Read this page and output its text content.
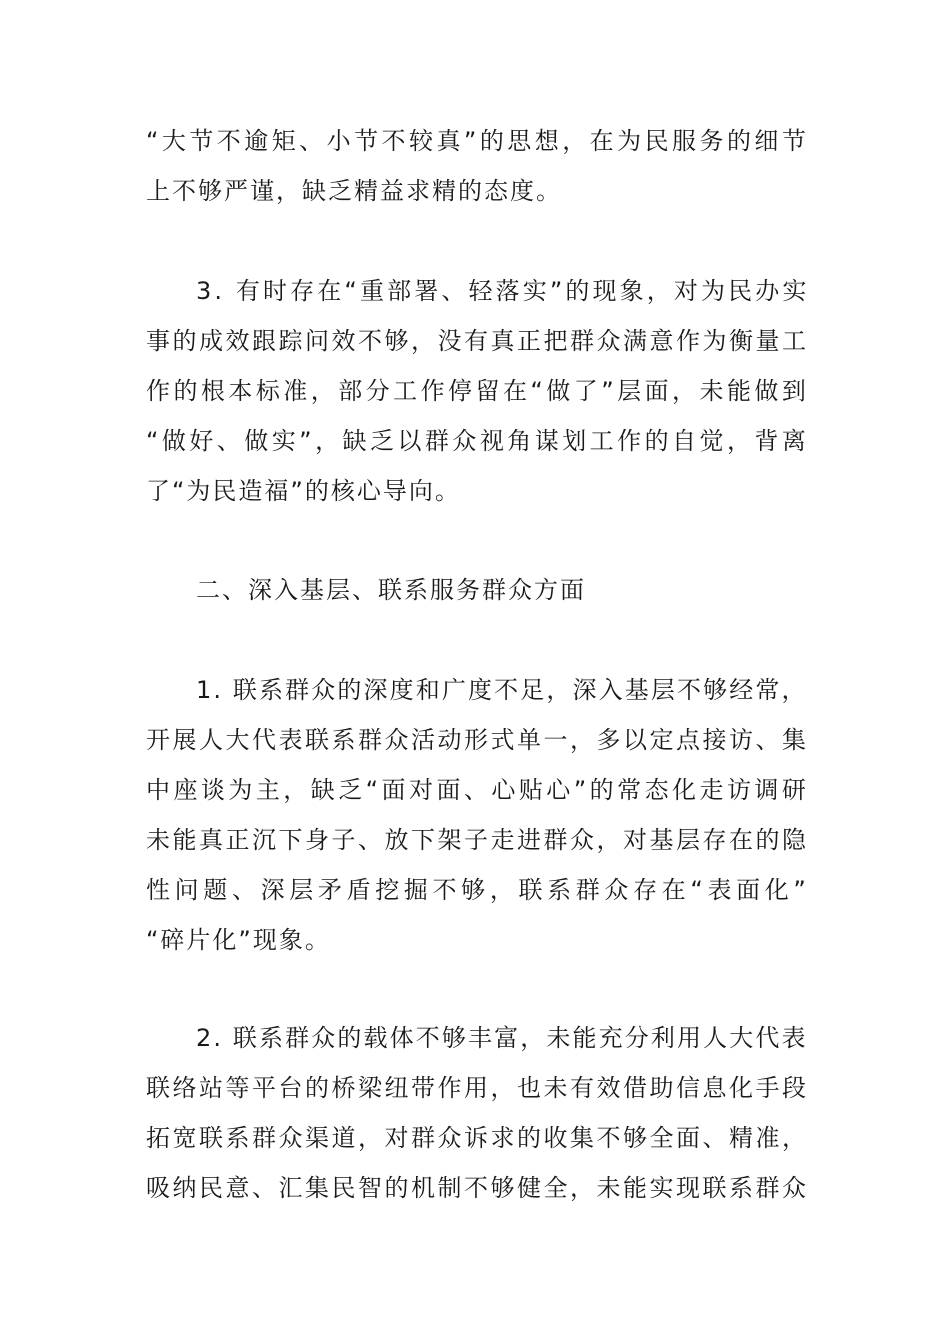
“大节不逾矩、小节不较真”的思想，在为民服务的细节
上不够严谨，缺乏精益求精的态度。
3. 有时存在“重部署、轻落实”的现象，对为民办实
事的成效跟踪问效不够，没有真正把群众满意作为衡量工
作的根本标准，部分工作停留在“做了”层面，未能做到
“做好、做实”，缺乏以群众视角谋划工作的自觉，背离
了“为民造福”的核心导向。
二、深入基层、联系服务群众方面
1. 联系群众的深度和广度不足，深入基层不够经常，
开展人大代表联系群众活动形式单一，多以定点接访、集
中座谈为主，缺乏“面对面、心贴心”的常态化走访调研
未能真正沉下身子、放下架子走进群众，对基层存在的隐
性问题、深层矛盾挖掘不够，联系群众存在“表面化”
“碎片化”现象。
2. 联系群众的载体不够丰富，未能充分利用人大代表
联络站等平台的桥梁纽带作用，也未有效借助信息化手段
拓宽联系群众渠道，对群众诉求的收集不够全面、精准，
吸纳民意、汇集民智的机制不够健全，未能实现联系群众
